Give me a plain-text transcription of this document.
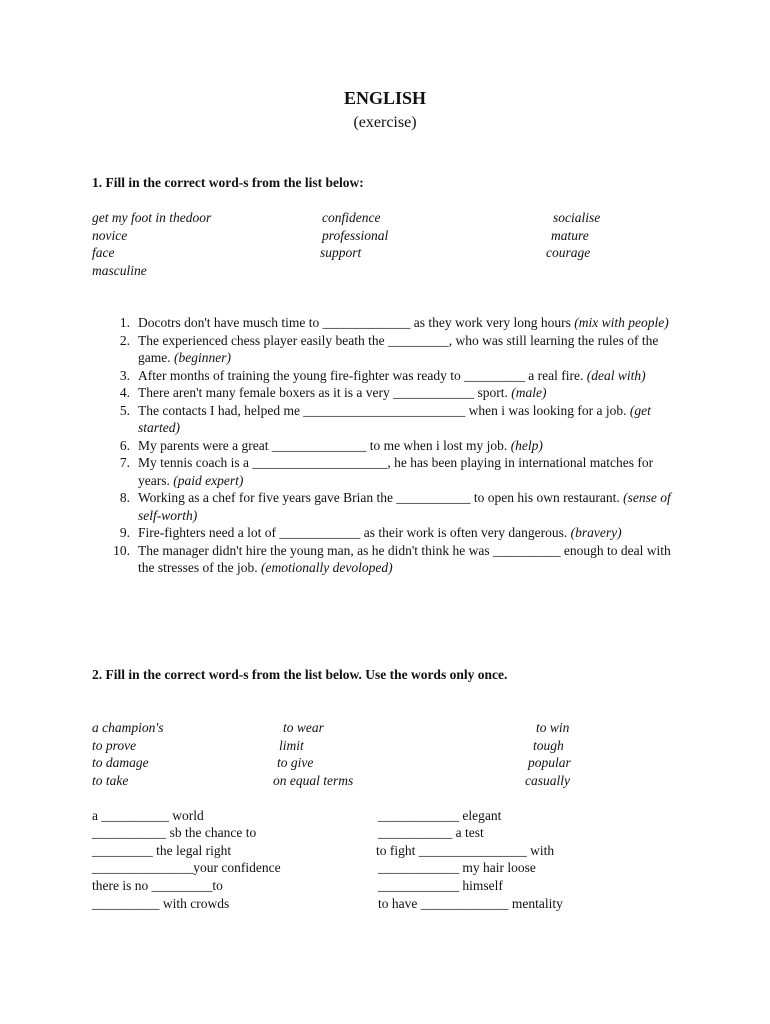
ENGLISH
(exercise)
1. Fill in the correct word-s from the list below:
get my foot in thedoor	confidence	socialise
novice	professional	mature
face	support	courage
masculine
1. Docotrs don't have musch time to _____________ as they work very long hours (mix with people)
2. The experienced chess player easily beath the _________, who was still learning the rules of the game. (beginner)
3. After months of training the young fire-fighter was ready to _________ a real fire. (deal with)
4. There aren't many female boxers as it is a very ____________ sport. (male)
5. The contacts I had, helped me ________________________ when i was looking for a job. (get started)
6. My parents were a great ______________ to me when i lost my job. (help)
7. My tennis coach is a ____________________, he has been playing in international matches for years. (paid expert)
8. Working as a chef for five years gave Brian the ___________ to open his own restaurant. (sense of self-worth)
9. Fire-fighters need a lot of ____________ as their work is often very dangerous. (bravery)
10. The manager didn't hire the young man, as he didn't think he was __________ enough to deal with the stresses of the job. (emotionally devoloped)
2. Fill in the correct word-s from the list below. Use the words only once.
a champion's	to wear	to win
to prove	limit	tough
to damage	to give	popular
to take	on equal terms	casually
a __________ world
___________ sb the chance to
_________ the legal right
_______________your confidence
there is no _________to
__________ with crowds
____________ elegant
___________ a test
to fight ________________ with
____________ my hair loose
____________ himself
to have _____________ mentality
